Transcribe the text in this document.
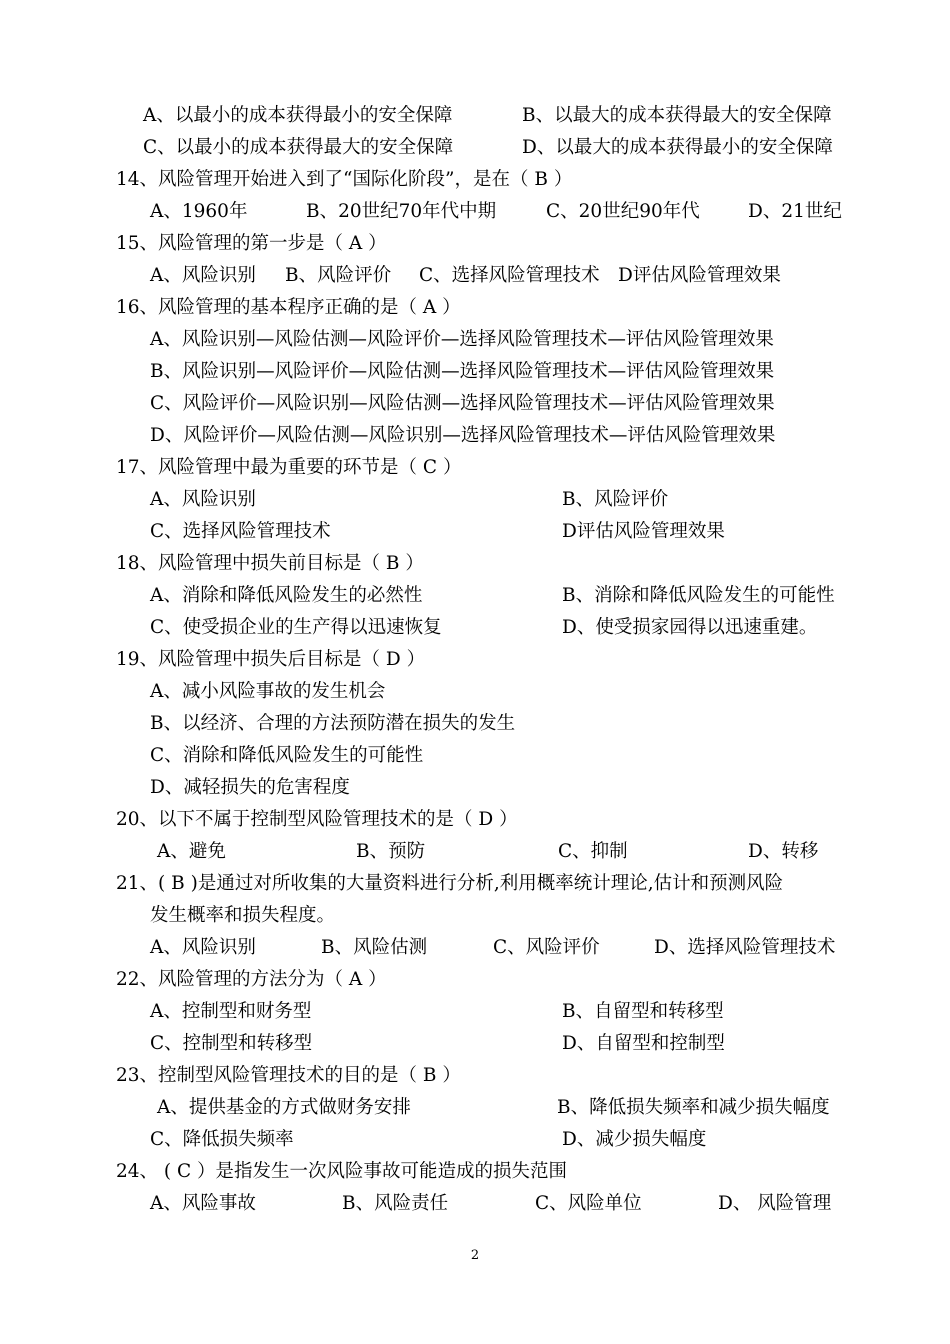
A、以最小的成本获得最小的安全保障	B、以最大的成本获得最大的安全保障
C、以最小的成本获得最大的安全保障	D、以最大的成本获得最小的安全保障
14、风险管理开始进入到了“国际化阶段”，是在（ B ）
A、1960年	B、20世纪70年代中期	C、20世纪90年代	D、21世纪
15、风险管理的第一步是（ A ）
A、风险识别 B、风险评价 C、选择风险管理技术 D评估风险管理效果
16、风险管理的基本程序正确的是（ A ）
A、风险识别—风险估测—风险评价—选择风险管理技术—评估风险管理效果
B、风险识别—风险评价—风险估测—选择风险管理技术—评估风险管理效果
C、风险评价—风险识别—风险估测—选择风险管理技术—评估风险管理效果
D、风险评价—风险估测—风险识别—选择风险管理技术—评估风险管理效果
17、风险管理中最为重要的环节是（ C ）
A、风险识别	B、风险评价
C、选择风险管理技术	D评估风险管理效果
18、风险管理中损失前目标是（ B ）
A、消除和降低风险发生的必然性	B、消除和降低风险发生的可能性
C、使受损企业的生产得以迅速恢复	D、使受损家园得以迅速重建。
19、风险管理中损失后目标是（ D ）
A、减小风险事故的发生机会
B、以经济、合理的方法预防潜在损失的发生
C、消除和降低风险发生的可能性
D、减轻损失的危害程度
20、以下不属于控制型风险管理技术的是（ D ）
A、避免	B、预防	C、抑制	D、转移
21、( B )是通过对所收集的大量资料进行分析,利用概率统计理论,估计和预测风险
发生概率和损失程度。
A、风险识别	B、风险估测	C、风险评价	D、选择风险管理技术
22、风险管理的方法分为（ A ）
A、控制型和财务型	B、自留型和转移型
C、控制型和转移型	D、自留型和控制型
23、控制型风险管理技术的目的是（ B ）
A、提供基金的方式做财务安排	B、降低损失频率和减少损失幅度
C、降低损失频率	D、减少损失幅度
24、 ( C ）是指发生一次风险事故可能造成的损失范围
A、风险事故	B、风险责任	C、风险单位	D、 风险管理
2
